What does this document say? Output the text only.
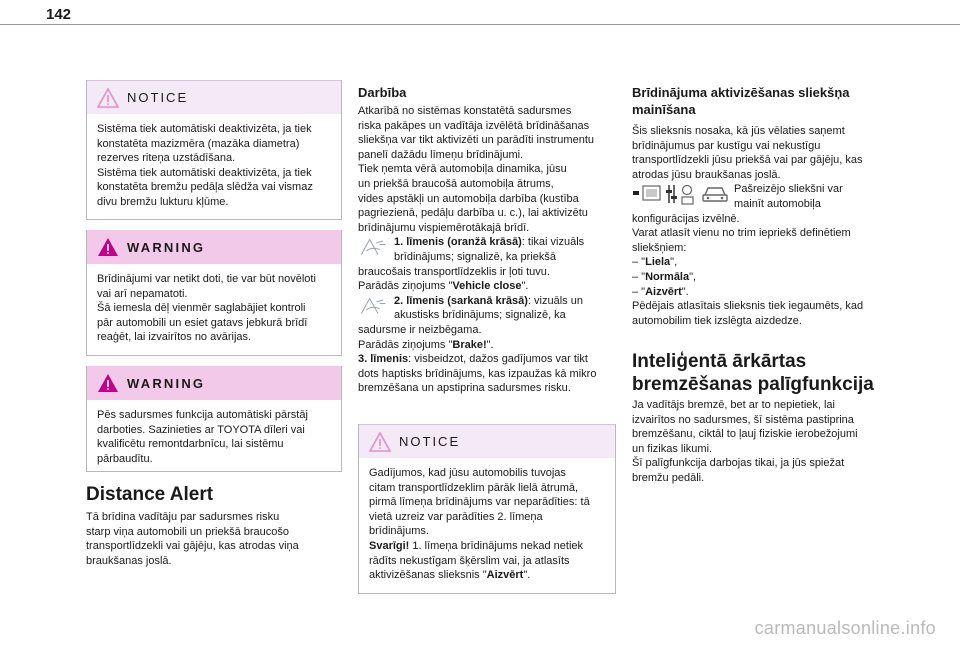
142
NOTICE

Sistēma tiek automātiski deaktivizēta, ja tiek

konstatēta mazizmēra (mazāka diametra)

rezerves riteņa uzstādīšana.

Sistēma tiek automātiski deaktivizēta, ja tiek

konstatēta bremžu pedāļa slēdža vai vismaz

divu bremžu lukturu kļūme.

WARNING

Brīdinājumi var netikt doti, tie var būt novēloti

vai arī nepamatoti.

Šā iemesla dēļ vienmēr saglabājiet kontroli

pār automobili un esiet gatavs jebkurā brīdī

reaģēt, lai izvairītos no avārijas.

WARNING

Pēs sadursmes funkcija automātiski pārstāj

darboties. Sazinieties ar TOYOTA dīleri vai

kvalificētu remontdarbnīcu, lai sistēmu

pārbaudītu.

Distance Alert

Tā brīdina vadītāju par sadursmes risku

starp viņa automobili un priekšā braucošo

transportlīdzekli vai gājēju, kas atrodas viņa

braukšanas joslā.

Darbība

Atkarībā no sistēmas konstatētā sadursmes

riska pakāpes un vadītāja izvēlētā brīdināšanas

sliekšņa var tikt aktivizēti un parādīti instrumentu

panelī dažādu līmeņu brīdinājumi.

Tiek ņemta vērā automobiļa dinamika, jūsu

un priekšā braucošā automobiļa ātrums,

vides apstākļi un automobiļa darbība (kustība

pagriezienā, pedāļu darbība u. c.), lai aktivizētu

brīdinājumu vispiemērotākajā brīdī.

1. līmenis (oranžā krāsā): tikai vizuāls

brīdinājums; signalizē, ka priekšā

braucošais transportlīdzeklis ir ļoti tuvu.

Parādās ziņojums "Vehicle close".

2. līmenis (sarkanā krāsā): vizuāls un

akustisks brīdinājums; signalizē, ka

sadursme ir neizbēgama.

Parādās ziņojums "Brake!".

3. līmenis: visbeidzot, dažos gadījumos var tikt

dots haptisks brīdinājums, kas izpaužas kā mikro

bremzēšana un apstiprina sadursmes risku.

NOTICE

Gadījumos, kad jūsu automobilis tuvojas

citam transportlīdzeklim pārāk lielā ātrumā,

pirmā līmeņa brīdinājums var neparādīties: tā

vietā uzreiz var parādīties 2. līmeņa

brīdinājums.

Svarīgi! 1. līmeņa brīdinājums nekad netiek

rādīts nekustīgam šķērslim vai, ja atlasīts

aktivizēšanas slieksnis "Aizvērt".

Brīdinājuma aktivizēšanas sliekšņa
mainīšana

Šis slieksnis nosaka, kā jūs vēlaties saņemt

brīdinājumus par kustīgu vai nekustīgu

transportlīdzekli jūsu priekšā vai par gājēju, kas

atrodas jūsu braukšanas joslā.

Pašreizējo sliekšni var

mainīt automobiļa

konfigurācijas izvēlnē.

Varat atlasīt vienu no trim iepriekš definētiem

sliekšņiem:

– "Liela",
– "Normāla",
– "Aizvērt".

Pēdējais atlasītais slieksnis tiek iegaumēts, kad

automobilim tiek izslēgta aizdedze.

Inteliģentā ārkārtas
bremzēšanas palīgfunkcija

Ja vadītājs bremzē, bet ar to nepietiek, lai

izvairītos no sadursmes, šī sistēma pastiprina

bremzēšanu, ciktāl to ļauj fiziskie ierobežojumi

un fizikas likumi.

Šī palīgfunkcija darbojas tikai, ja jūs spiežat

bremžu pedāli.

carmanualsonline.info
